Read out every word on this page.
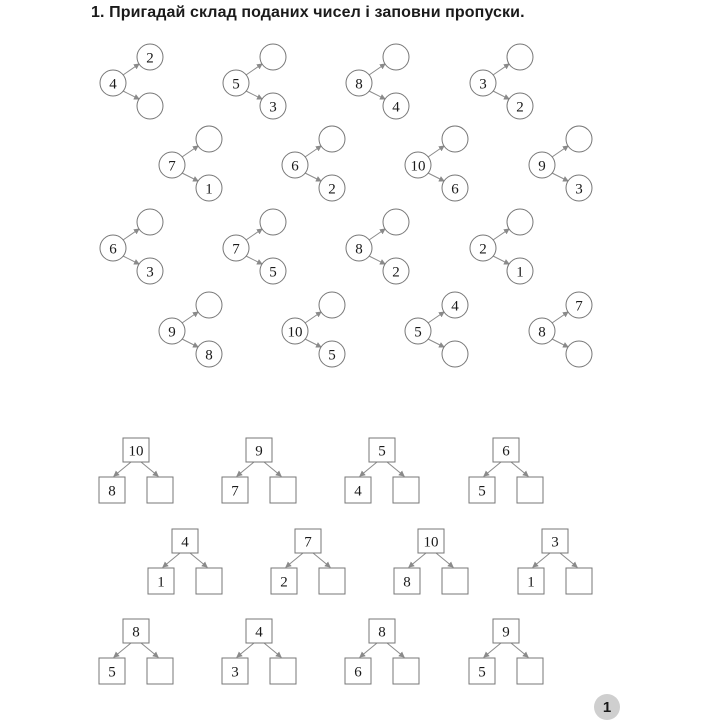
1. Пригадай склад поданих чисел і заповни пропуски.
4
2
5
3
8
4
3
2
7
1
6
2
10
6
9
3
6
3
7
5
8
2
2
1
9
8
10
5
5
4
8
7
10
8
9
7
5
4
6
5
4
1
7
2
10
8
3
1
8
5
4
3
8
6
9
5
1
